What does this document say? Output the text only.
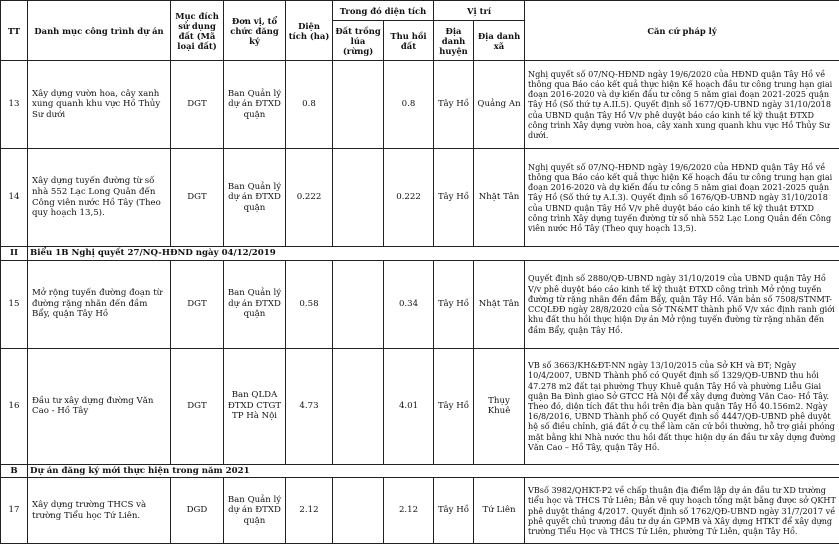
TT	Danh mục công trình dự án	Mục đích sử dụng đất (Mã loại đất)	Đơn vị, tổ chức đăng ký	Diện tích (ha)	Trong đó diện tích		Vị trí		Căn cứ pháp lý
					Đất trồng lúa (rừng)	Thu hồi đất	Địa danh huyện	Địa danh xã	
13	Xây dựng vườn hoa, cây xanh xung quanh khu vực Hồ Thủy Sư dưới	DGT	Ban Quản lý dự án ĐTXD quận	0.8		0.8	Tây Hồ	Quảng An	Nghị quyết số 07/NQ-HĐND ngày 19/6/2020 của HĐND quận Tây Hồ về thông qua Báo cáo kết quả thực hiện Kế hoạch đầu tư công trung hạn giai đoạn 2016-2020 và dự kiến đầu tư công 5 năm giai đoạn 2021-2025 quận Tây Hồ (Số thứ tự A.II.5). Quyết định số 1677/QĐ-UBND ngày 31/10/2018 của UBND quận Tây Hồ V/v phê duyệt báo cáo kinh tế kỹ thuật ĐTXD công trình Xây dựng vườn hoa, cây xanh xung quanh khu vực Hồ Thủy Sư dưới.
14	Xây dựng tuyến đường từ số nhà 552 Lạc Long Quân đến Công viên nước Hồ Tây (Theo quy hoạch 13,5).	DGT	Ban Quản lý dự án ĐTXD quận	0.222		0.222	Tây Hồ	Nhật Tân	Nghị quyết số 07/NQ-HĐND ngày 19/6/2020 của HĐND quận Tây Hồ về thông qua Báo cáo kết quả thực hiện Kế hoạch đầu tư công trung hạn giai đoạn 2016-2020 và dự kiến đầu tư công 5 năm giai đoạn 2021-2025 quận Tây Hồ (Số thứ tự A.I.3). Quyết định số 1676/QĐ-UBND ngày 31/10/2018 của UBND quận Tây Hồ V/v phê duyệt báo cáo kinh tế kỹ thuật ĐTXD công trình Xây dựng tuyến đường từ số nhà 552 Lạc Long Quân đến Công viên nước Hồ Tây (Theo quy hoạch 13,5).
II	Biểu 1B Nghị quyết 27/NQ-HĐND ngày 04/12/2019								
15	Mở rộng tuyến đường đoạn từ đường rặng nhãn đến đầm Bẩy, quận Tây Hồ	DGT	Ban Quản lý dự án ĐTXD quận	0.58		0.34	Tây Hồ	Nhật Tân	Quyết định số 2880/QĐ-UBND ngày 31/10/2019 của UBND quận Tây Hồ V/v phê duyệt báo cáo kinh tế kỹ thuật ĐTXD công trình Mở rộng tuyến đường từ rặng nhãn đến đầm Bẩy, quận Tây Hồ. Văn bản số 7508/STNMT-CCQLĐĐ ngày 28/8/2020 của Sở TN&MT thành phố V/v xác định ranh giới khu đất thu hồi thực hiện Dự án Mở rộng tuyến đường từ rặng nhãn đến đầm Bẩy, quận Tây Hồ.
16	Đầu tư xây dựng đường Văn Cao - Hồ Tây	DGT	Ban QLDA ĐTXD CTGT TP Hà Nội	4.73		4.01	Tây Hồ	Thụy Khuê	VB số 3663/KH&ĐT-NN ngày 13/10/2015 của Sở KH và ĐT; Ngày 10/4/2007, UBND Thành phố có Quyết định số 1329/QĐ-UBND thu hồi 47.278 m2 đất tại phường Thụy Khuê quận Tây Hồ và phường Liễu Giai quận Ba Đình giao Sở GTCC Hà Nội để xây dựng đường Văn Cao- Hồ Tây. Theo đó, diện tích đất thu hồi trên địa bàn quận Tây Hồ 40.156m2. Ngày 16/8/2016, UBND Thành phố có Quyết định số 4447/QĐ-UBND phê duyệt hệ số điều chỉnh, giá đất ở cụ thể làm căn cứ bồi thường, hỗ trợ giải phóng mặt bằng khi Nhà nước thu hồi đất thực hiện dự án đầu tư xây dựng đường Văn Cao – Hồ Tây, quận Tây Hồ.
B	Dự án đăng ký mới thực hiện trong năm 2021								
17	Xây dựng trường THCS và trường Tiểu học Tứ Liên.	DGD	Ban Quản lý dự án ĐTXD quận	2.12		2.12	Tây Hồ	Tứ Liên	VBsố 3982/QHKT-P2 về chấp thuận địa điểm lập dự án đầu tư XD trường tiểu học và THCS Tứ Liên; Bản vẽ quy hoạch tổng mặt bằng được sở QKHT phê duyệt tháng 4/2017. Quyết định số 1762/QĐ-UBND ngày 31/7/2017 về phê quyết chủ trương đầu tư dự án GPMB và Xây dựng HTKT để xây dựng trường Tiểu Học và THCS Tứ Liên, phường Tứ Liên, quận Tây Hồ.
